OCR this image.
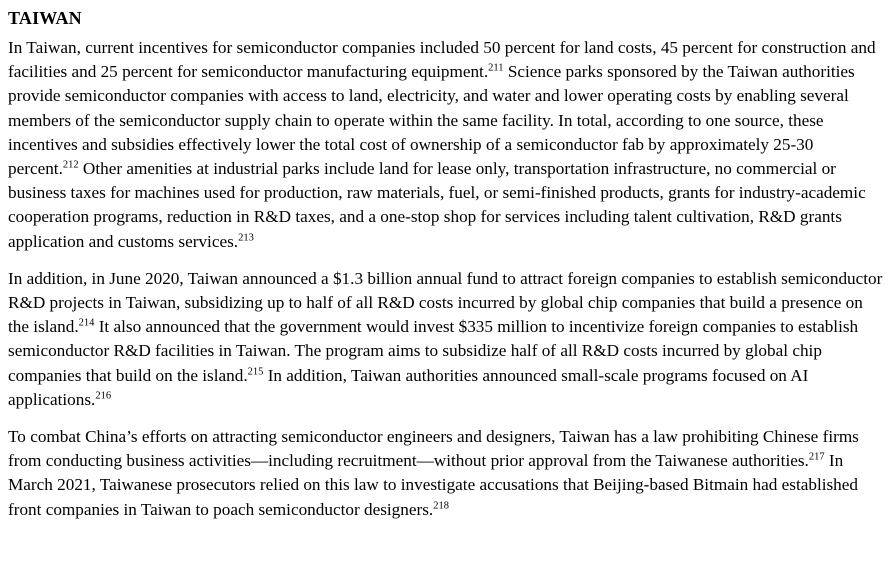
TAIWAN

In Taiwan, current incentives for semiconductor companies included 50 percent for land costs, 45 percent for construction and facilities and 25 percent for semiconductor manufacturing equipment.$^{211}$ Science parks sponsored by the Taiwan authorities provide semiconductor companies with access to land, electricity, and water and lower operating costs by enabling several members of the semiconductor supply chain to operate within the same facility. In total, according to one source, these incentives and subsidies effectively lower the total cost of ownership of a semiconductor fab by approximately 25-30 percent.$^{212}$ Other amenities at industrial parks include land for lease only, transportation infrastructure, no commercial or business taxes for machines used for production, raw materials, fuel, or semi-finished products, grants for industry-academic cooperation programs, reduction in R&D taxes, and a one-stop shop for services including talent cultivation, R&D grants application and customs services.$^{213}$

In addition, in June 2020, Taiwan announced a $1.3 billion annual fund to attract foreign companies to establish semiconductor R&D projects in Taiwan, subsidizing up to half of all R&D costs incurred by global chip companies that build a presence on the island.$^{214}$ It also announced that the government would invest $335 million to incentivize foreign companies to establish semiconductor R&D facilities in Taiwan. The program aims to subsidize half of all R&D costs incurred by global chip companies that build on the island.$^{215}$ In addition, Taiwan authorities announced small-scale programs focused on AI applications.$^{216}$

To combat China’s efforts on attracting semiconductor engineers and designers, Taiwan has a law prohibiting Chinese firms from conducting business activities—including recruitment—without prior approval from the Taiwanese authorities.$^{217}$ In March 2021, Taiwanese prosecutors relied on this law to investigate accusations that Beijing-based Bitmain had established front companies in Taiwan to poach semiconductor designers.$^{218}$
